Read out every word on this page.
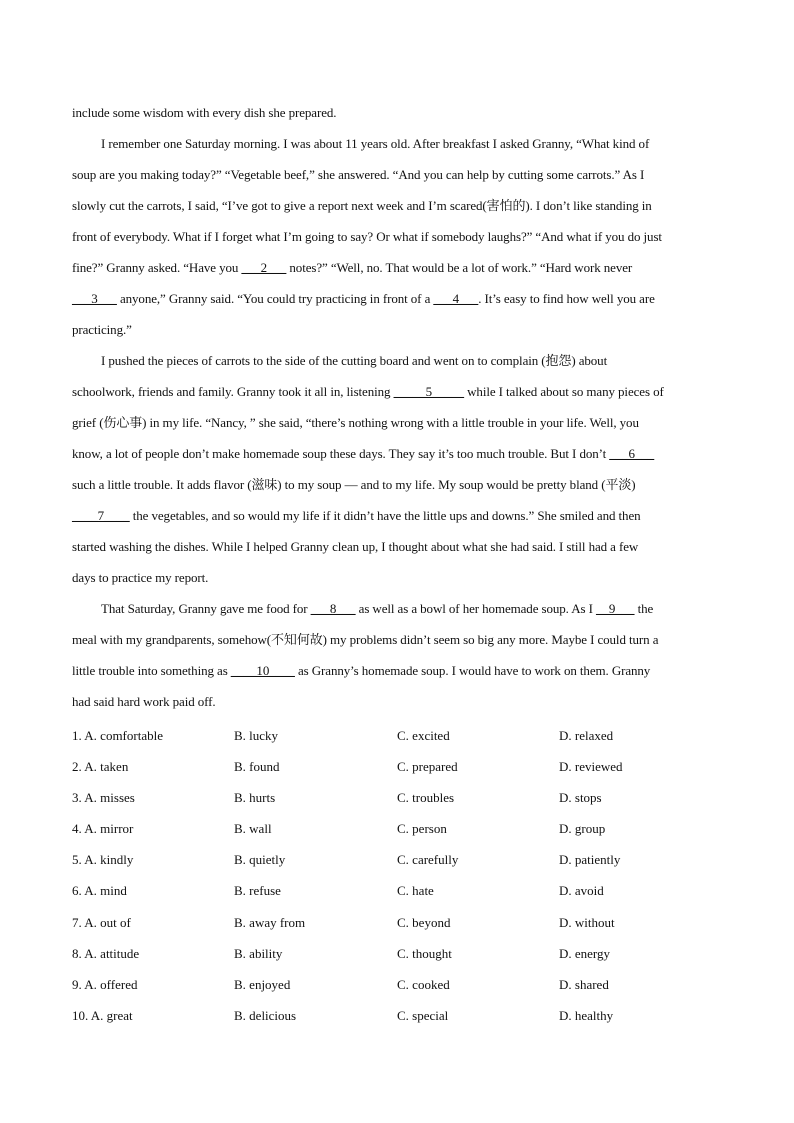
include some wisdom with every dish she prepared.
I remember one Saturday morning. I was about 11 years old. After breakfast I asked Granny, “What kind of
soup are you making today?” “Vegetable beef,” she answered. “And you can help by cutting some carrots.” As I
slowly cut the carrots, I said, “I’ve got to give a report next week and I’m scared(害怕的). I don’t like standing in
front of everybody. What if I forget what I’m going to say? Or what if somebody laughs?” “And what if you do just
fine?” Granny asked. “Have you ___2___ notes?” “Well, no. That would be a lot of work.” “Hard work never
___3___ anyone,” Granny said. “You could try practicing in front of a ___4___. It’s easy to find how well you are
practicing.”
I pushed the pieces of carrots to the side of the cutting board and went on to complain (抱怨) about
schoolwork, friends and family. Granny took it all in, listening _____5_____ while I talked about so many pieces of
grief (伤心事) in my life. “Nancy, ” she said, “there’s nothing wrong with a little trouble in your life. Well, you
know, a lot of people don’t make homemade soup these days. They say it’s too much trouble. But I don’t ___6___
such a little trouble. It adds flavor (滋味) to my soup — and to my life. My soup would be pretty bland (平淡)
____7____ the vegetables, and so would my life if it didn’t have the little ups and downs.” She smiled and then
started washing the dishes. While I helped Granny clean up, I thought about what she had said. I still had a few
days to practice my report.
That Saturday, Granny gave me food for ___8___ as well as a bowl of her homemade soup. As I __9___ the
meal with my grandparents, somehow(不知何故) my problems didn’t seem so big any more. Maybe I could turn a
little trouble into something as ____10____ as Granny’s homemade soup. I would have to work on them. Granny
had said hard work paid off.
1. A. comfortable	B. lucky	C. excited	D. relaxed
2. A. taken	B. found	C. prepared	D. reviewed
3. A. misses	B. hurts	C. troubles	D. stops
4. A. mirror	B. wall	C. person	D. group
5. A. kindly	B. quietly	C. carefully	D. patiently
6. A. mind	B. refuse	C. hate	D. avoid
7. A. out of	B. away from	C. beyond	D. without
8. A. attitude	B. ability	C. thought	D. energy
9. A. offered	B. enjoyed	C. cooked	D. shared
10. A. great	B. delicious	C. special	D. healthy
